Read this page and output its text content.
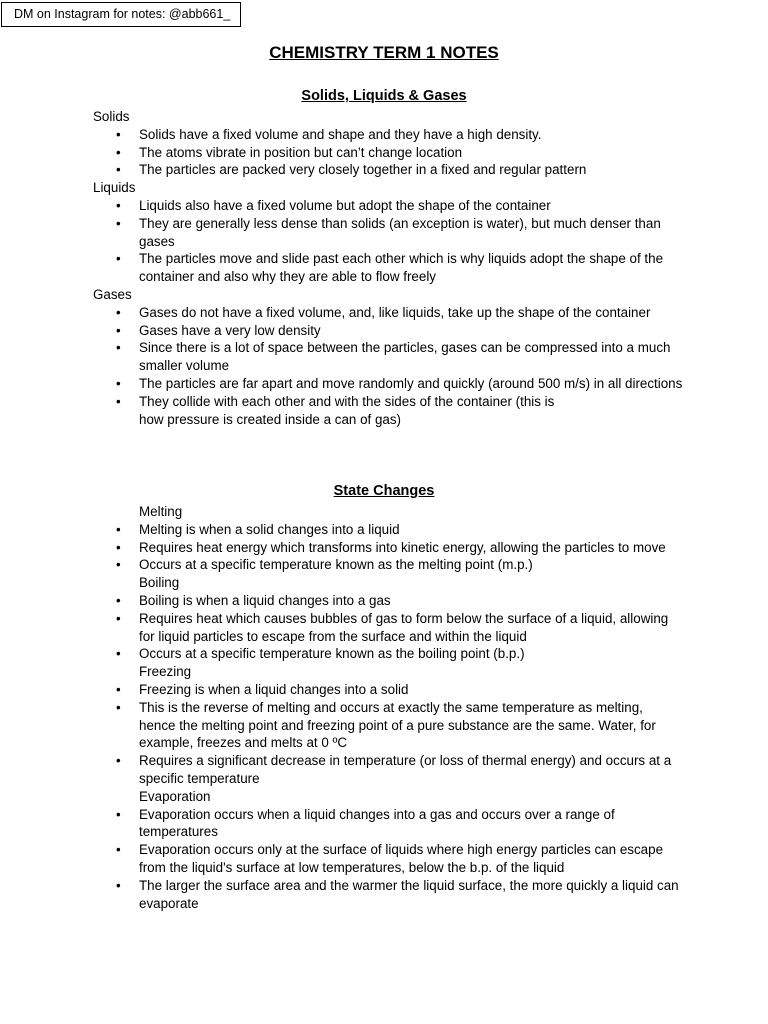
DM on Instagram for notes: @abb661_
CHEMISTRY TERM 1 NOTES
Solids, Liquids & Gases
Solids
• Solids have a fixed volume and shape and they have a high density.
• The atoms vibrate in position but can’t change location
• The particles are packed very closely together in a fixed and regular pattern
Liquids
• Liquids also have a fixed volume but adopt the shape of the container
• They are generally less dense than solids (an exception is water), but much denser than gases
• The particles move and slide past each other which is why liquids adopt the shape of the container and also why they are able to flow freely
Gases
• Gases do not have a fixed volume, and, like liquids, take up the shape of the container
• Gases have a very low density
• Since there is a lot of space between the particles, gases can be compressed into a much smaller volume
• The particles are far apart and move randomly and quickly (around 500 m/s) in all directions
• They collide with each other and with the sides of the container (this is
how pressure is created inside a can of gas)
State Changes
Melting
• Melting is when a solid changes into a liquid
• Requires heat energy which transforms into kinetic energy, allowing the particles to move
• Occurs at a specific temperature known as the melting point (m.p.)
Boiling
• Boiling is when a liquid changes into a gas
• Requires heat which causes bubbles of gas to form below the surface of a liquid, allowing for liquid particles to escape from the surface and within the liquid
• Occurs at a specific temperature known as the boiling point (b.p.)
Freezing
• Freezing is when a liquid changes into a solid
• This is the reverse of melting and occurs at exactly the same temperature as melting, hence the melting point and freezing point of a pure substance are the same. Water, for example, freezes and melts at 0 ºC
• Requires a significant decrease in temperature (or loss of thermal energy) and occurs at a specific temperature
Evaporation
• Evaporation occurs when a liquid changes into a gas and occurs over a range of temperatures
• Evaporation occurs only at the surface of liquids where high energy particles can escape from the liquid's surface at low temperatures, below the b.p. of the liquid
• The larger the surface area and the warmer the liquid surface, the more quickly a liquid can evaporate
